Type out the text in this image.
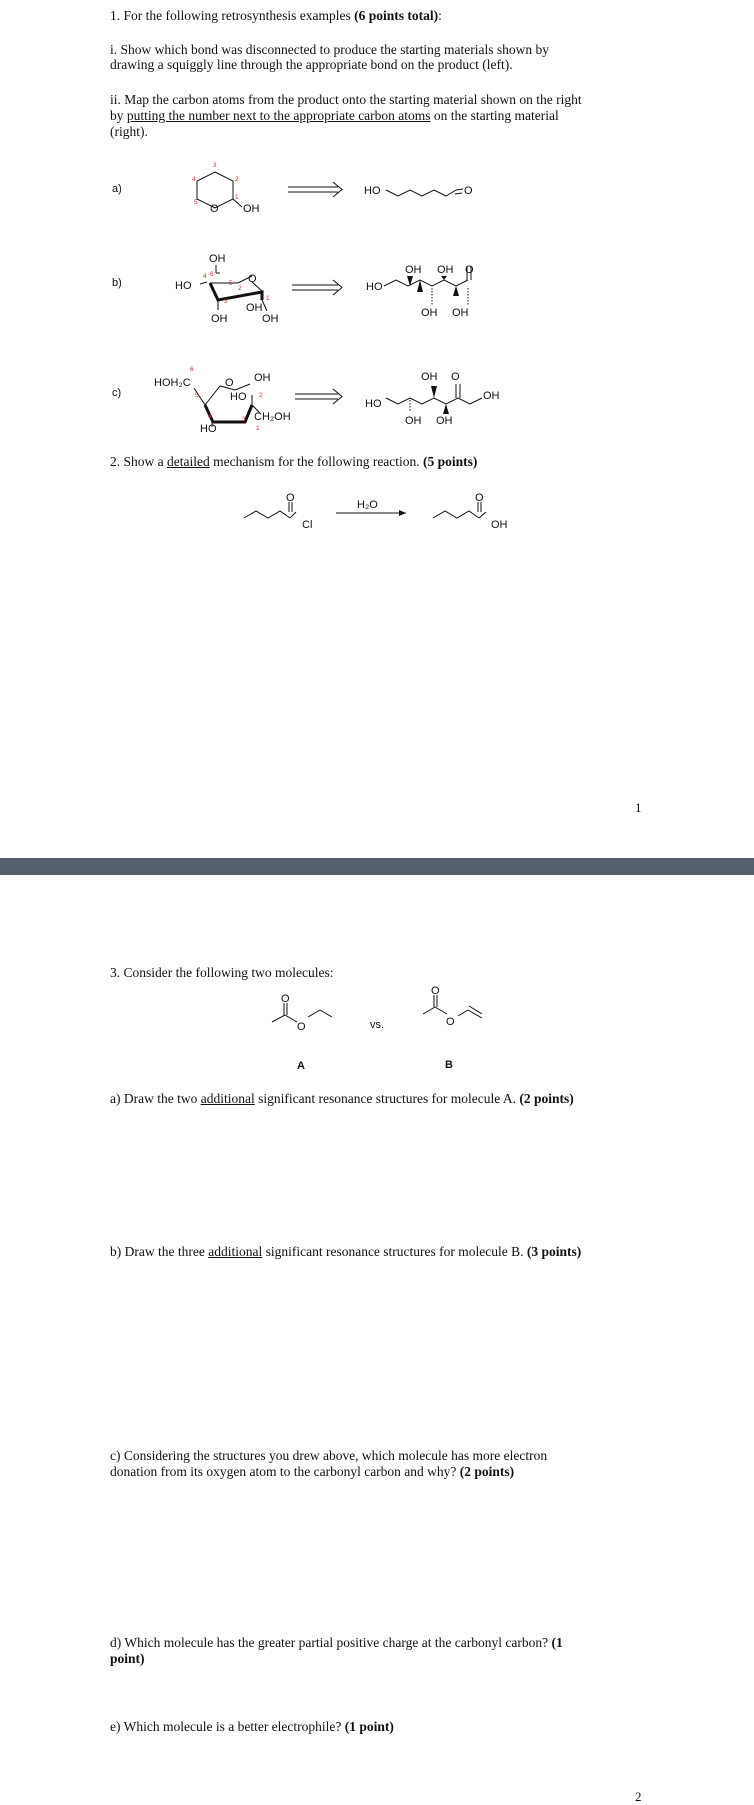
1. For the following retrosynthesis examples (6 points total):
i. Show which bond was disconnected to produce the starting materials shown by
drawing a squiggly line through the appropriate bond on the product (left).
ii. Map the carbon atoms from the product onto the starting material shown on the right
by putting the number next to the appropriate carbon atoms on the starting material
(right).
a)
O OH
3
2
4
5
1
HO	O
b)
OH
HO
O
OH
OH
OH
4 6
5
2
1
3
HO
OH OH O
OH OH
c)
HOH₂C	O OH
HO
CH₂OH
HO
6
5
4	3
2
1
HO
OH O
OH
OH OH
O
Cl
H₂O
O
OH
2. Show a detailed mechanism for the following reaction. (5 points)
1
3. Consider the following two molecules:
O
O	vs.
O
O
A	B
a) Draw the two additional significant resonance structures for molecule A. (2 points)
b) Draw the three additional significant resonance structures for molecule B. (3 points)
c) Considering the structures you drew above, which molecule has more electron
donation from its oxygen atom to the carbonyl carbon and why? (2 points)
d) Which molecule has the greater partial positive charge at the carbonyl carbon? (1
point)
e) Which molecule is a better electrophile? (1 point)
2
